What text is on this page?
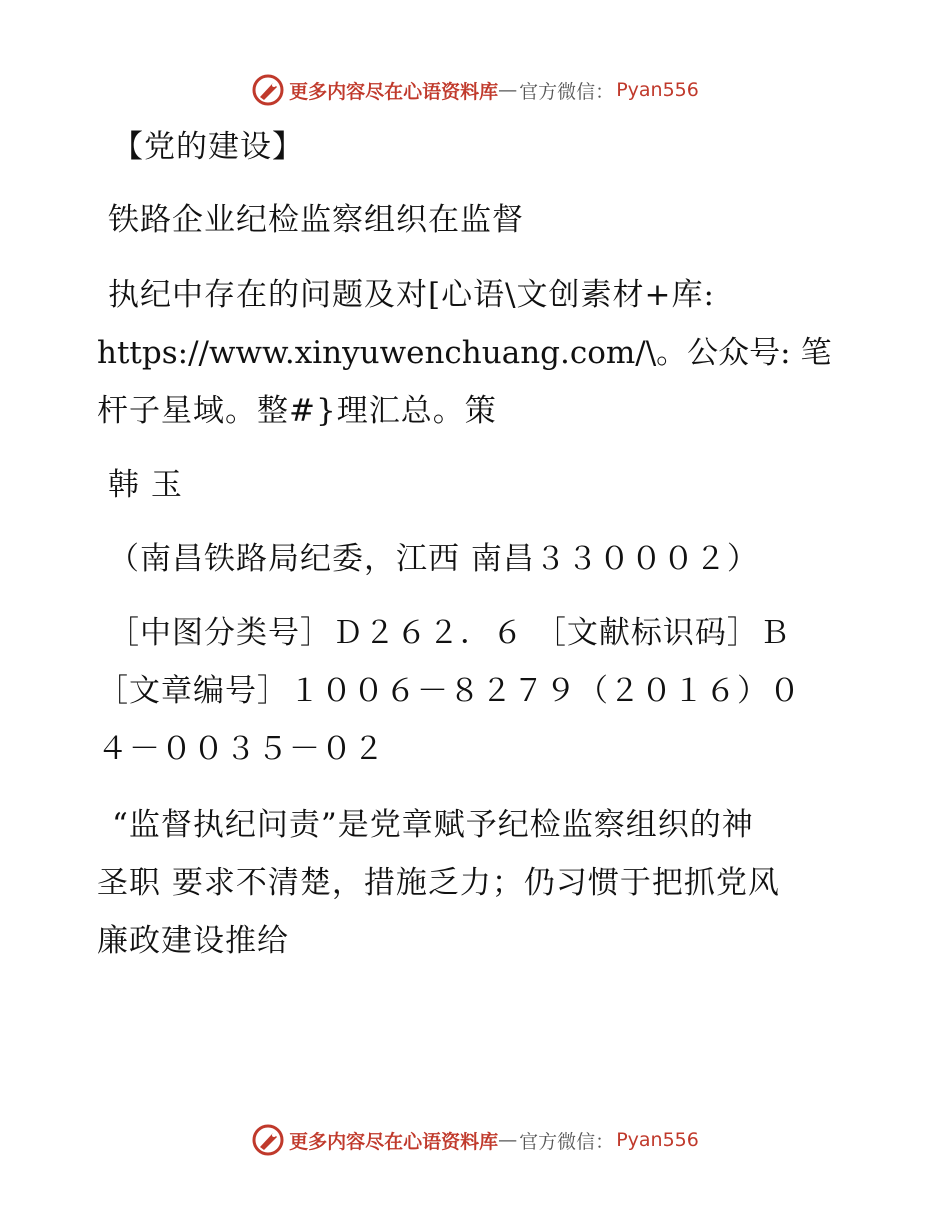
更多内容尽在心语资料库 — 官方微信： Pyan556
【党的建设】
铁路企业纪检监察组织在监督
执纪中存在的问题及对[心语\文创素材+库:
https://www.xinyuwenchuang.com/\。公众号: 笔
杆子星域。整#}理汇总。策
韩 玉
（南昌铁路局纪委，江西 南昌３３０００２）
［中图分类号］Ｄ２６２．６ ［文献标识码］Ｂ
［文章编号］１００６－８２７９（２０１６）０
４－００３５－０２
“监督执纪问责”是党章赋予纪检监察组织的神
圣职 要求不清楚，措施乏力；仍习惯于把抓党风
廉政建设推给
更多内容尽在心语资料库 — 官方微信： Pyan556
